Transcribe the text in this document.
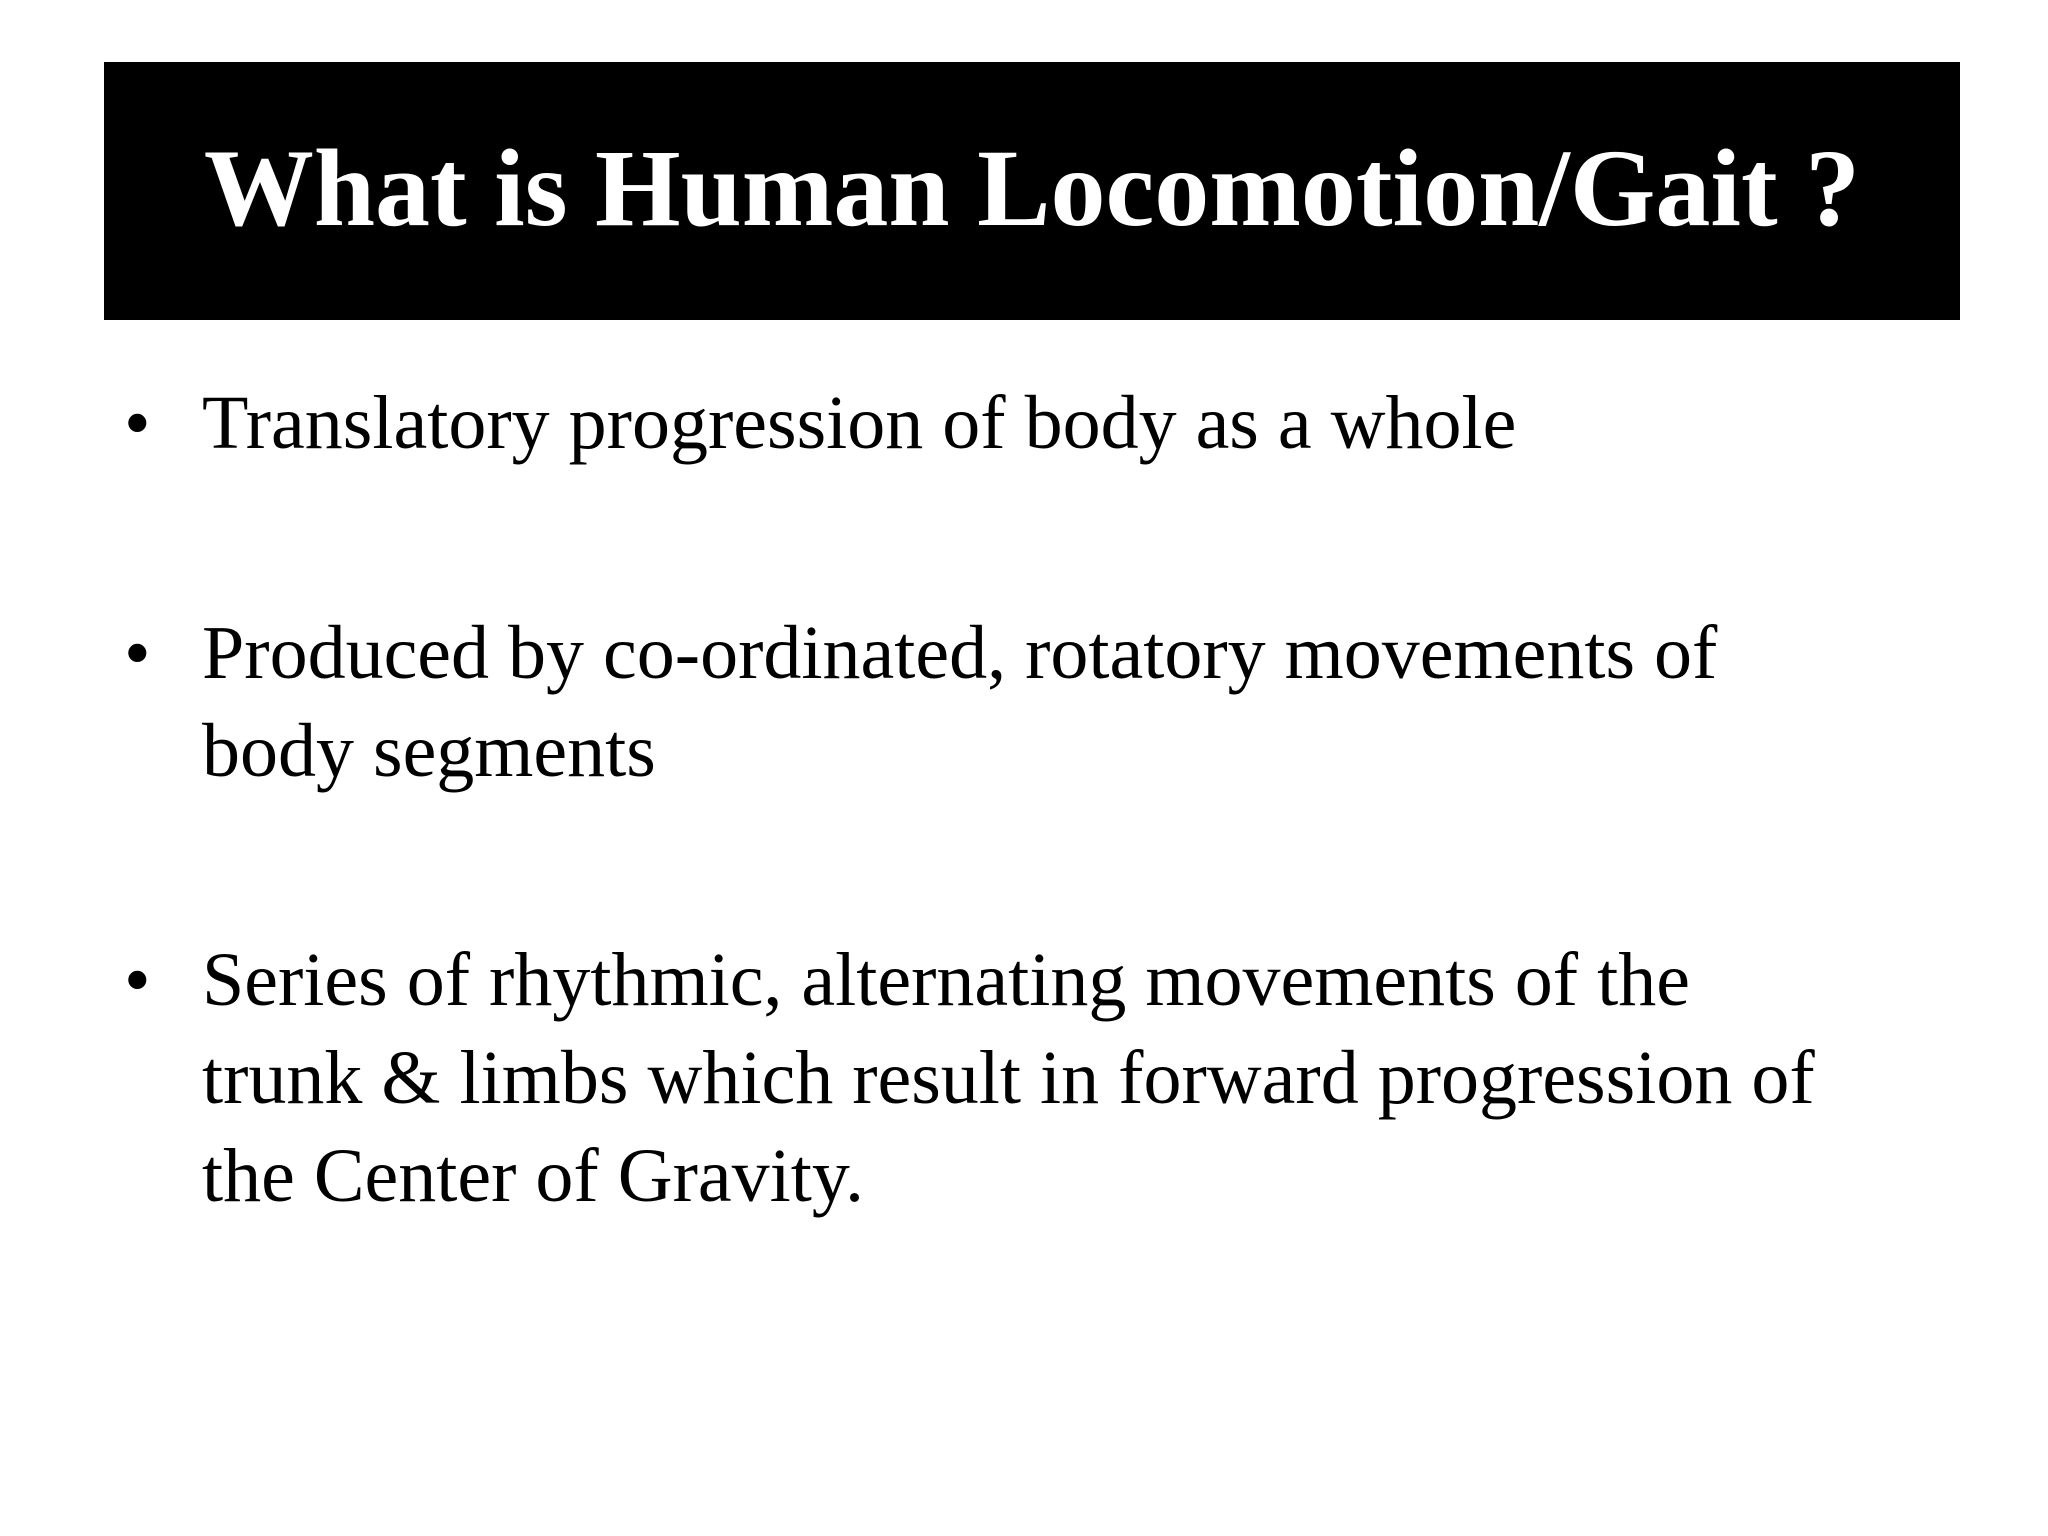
What is Human Locomotion/Gait ?
• Translatory progression of body as a whole
• Produced by co-ordinated, rotatory movements of
body segments
• Series of rhythmic, alternating movements of the
trunk & limbs which result in forward progression of
the Center of Gravity.
